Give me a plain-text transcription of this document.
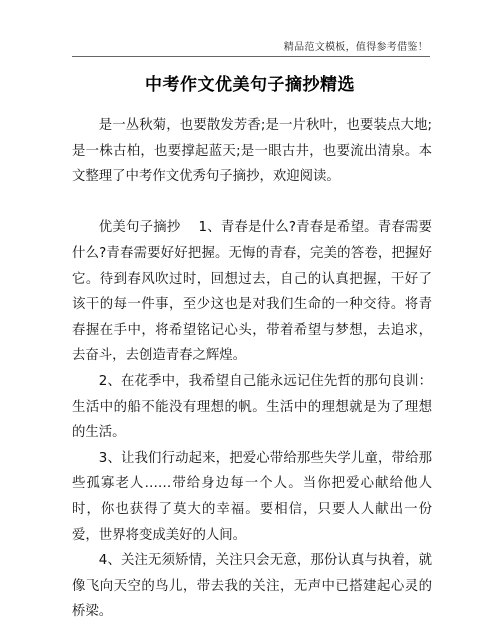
精品范文模板，值得参考借鉴！
中考作文优美句子摘抄精选

是一丛秋菊，也要散发芳香;是一片秋叶，也要装点大地;是一株古柏，也要撑起蓝天;是一眼古井，也要流出清泉。本文整理了中考作文优秀句子摘抄，欢迎阅读。

优美句子摘抄　 1、青春是什么?青春是希望。青春需要什么?青春需要好好把握。无悔的青春，完美的答卷，把握好它。待到春风吹过时，回想过去，自己的认真把握，干好了该干的每一件事，至少这也是对我们生命的一种交待。将青春握在手中，将希望铭记心头，带着希望与梦想，去追求，去奋斗，去创造青春之辉煌。

2、在花季中，我希望自己能永远记住先哲的那句良训：生活中的船不能没有理想的帆。生活中的理想就是为了理想的生活。

3、让我们行动起来，把爱心带给那些失学儿童，带给那些孤寡老人……带给身边每一个人。当你把爱心献给他人时，你也获得了莫大的幸福。要相信，只要人人献出一份爱，世界将变成美好的人间。

4、关注无须矫情，关注只会无意，那份认真与执着，就像飞向天空的鸟儿，带去我的关注，无声中已搭建起心灵的桥梁。
